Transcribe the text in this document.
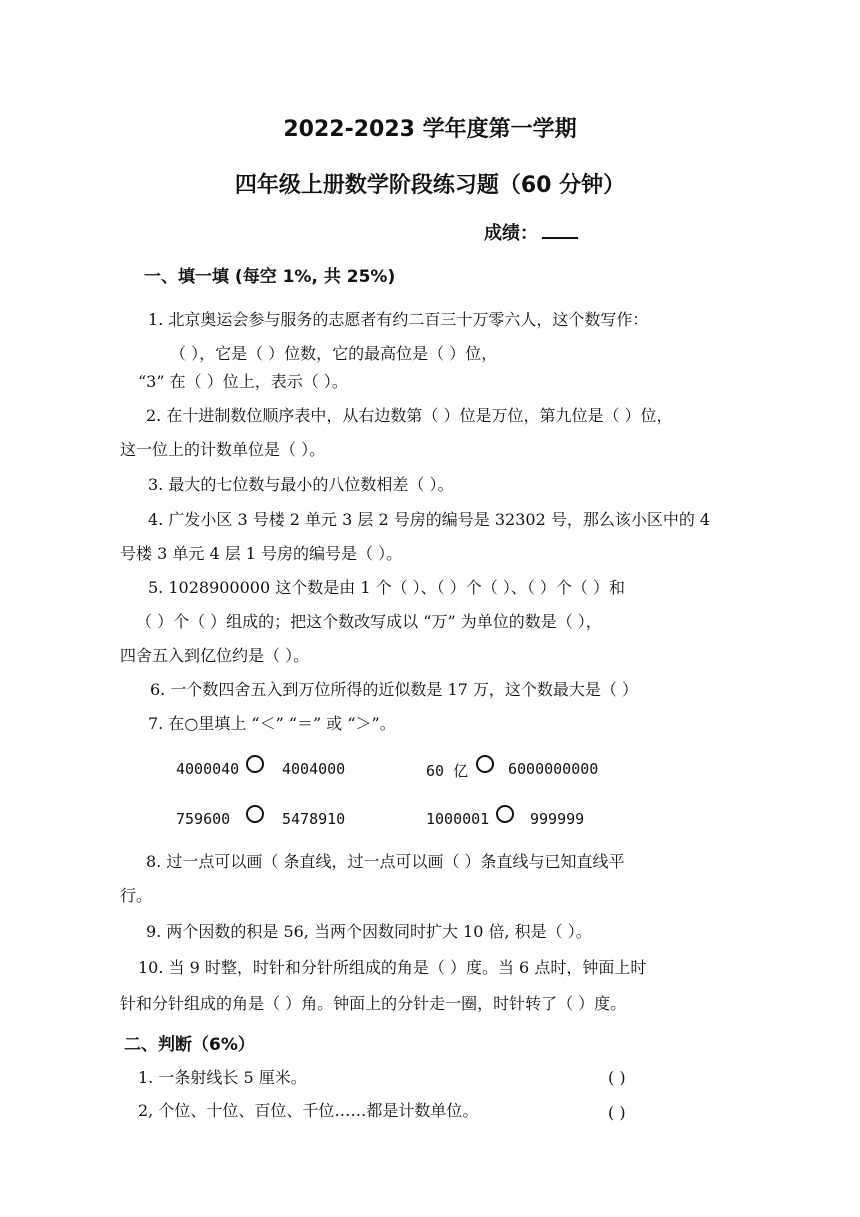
2022-2023 学年度第一学期
四年级上册数学阶段练习题（60 分钟）
成绩：
一、填一填 (每空 1%, 共 25%)
1. 北京奥运会参与服务的志愿者有约二百三十万零六人，这个数写作：
（ ），它是（ ）位数，它的最高位是（ ）位，
“3” 在（ ）位上，表示（ ）。
2. 在十进制数位顺序表中，从右边数第（ ）位是万位，第九位是（ ）位，
这一位上的计数单位是（ ）。
3. 最大的七位数与最小的八位数相差（ ）。
4. 广发小区 3 号楼 2 单元 3 层 2 号房的编号是 32302 号，那么该小区中的 4
号楼 3 单元 4 层 1 号房的编号是（ ）。
5. 1028900000 这个数是由 1 个（ ）、（ ）个（ ）、（ ）个（ ）和
（ ）个（ ）组成的；把这个数改写成以 “万” 为单位的数是（ ），
四舍五入到亿位约是（ ）。
6. 一个数四舍五入到万位所得的近似数是 17 万，这个数最大是（ ）
7. 在○里填上 “＜” “＝” 或 “＞”。
4000040	4004000	60 亿	6000000000
759600	5478910	1000001	999999
8. 过一点可以画（ 条直线，过一点可以画（ ）条直线与已知直线平
行。
9. 两个因数的积是 56, 当两个因数同时扩大 10 倍, 积是（ ）。
10. 当 9 时整，时针和分针所组成的角是（ ）度。当 6 点时，钟面上时
针和分针组成的角是（ ）角。钟面上的分针走一圈，时针转了（ ）度。
二、判断（6%）
1. 一条射线长 5 厘米。	( )
2, 个位、十位、百位、千位……都是计数单位。	( )
